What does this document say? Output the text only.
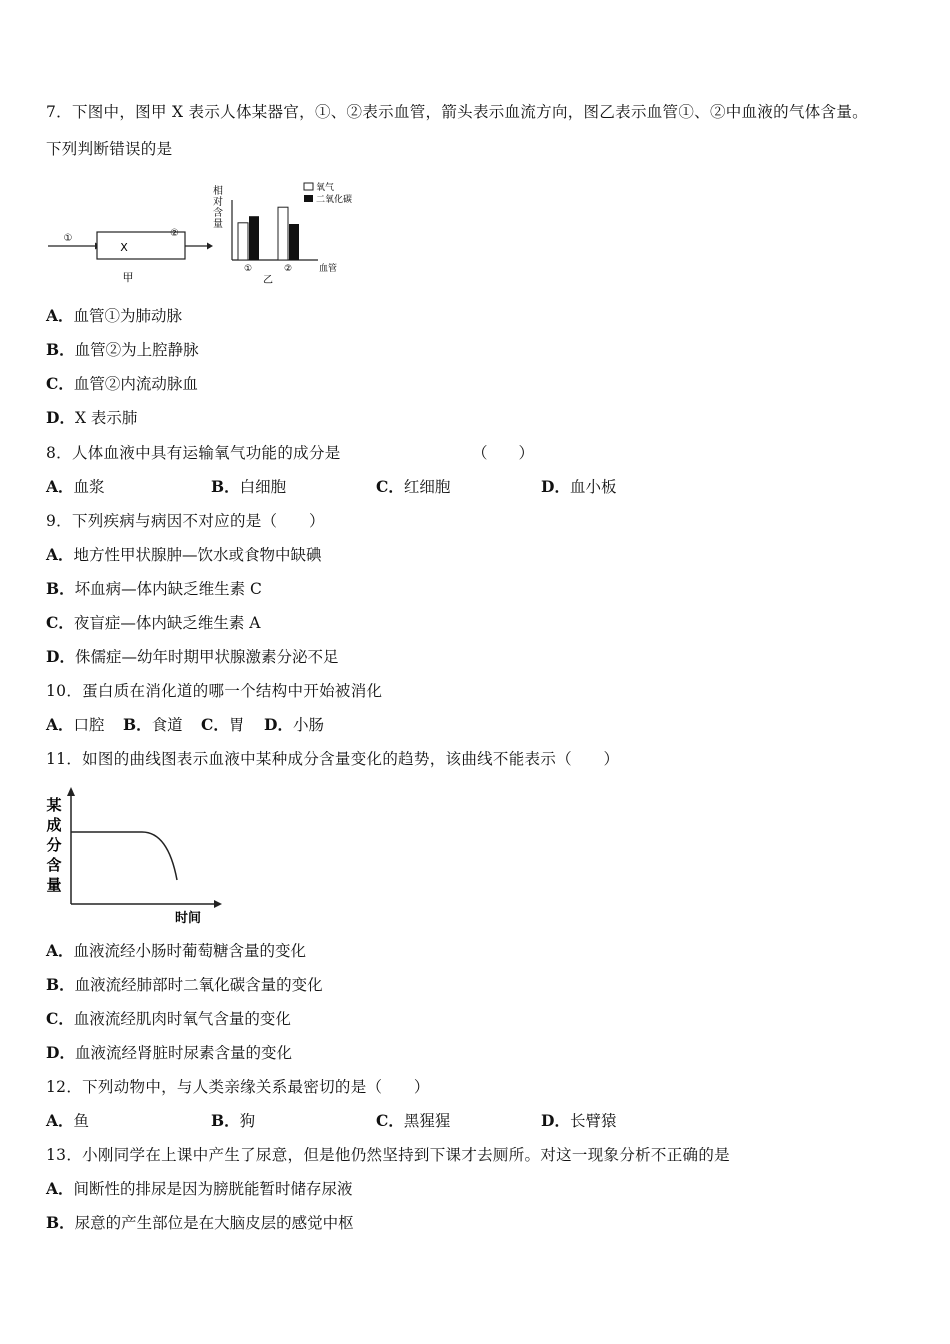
7．下图中，图甲 X 表示人体某器官，①、②表示血管，箭头表示血流方向，图乙表示血管①、②中血液的气体含量。
下列判断错误的是
①
X
甲
②
相
对
含
量
氧气
二氧化碳
①	②	血管
乙
A．血管①为肺动脉
B．血管②为上腔静脉
C．血管②内流动脉血
D．X 表示肺
8．人体血液中具有运输氧气功能的成分是	（　　）
A．血浆	B．白细胞	C．红细胞	D．血小板
9．下列疾病与病因不对应的是（　　）
A．地方性甲状腺肿—饮水或食物中缺碘
B．坏血病—体内缺乏维生素 C
C．夜盲症—体内缺乏维生素 A
D．侏儒症—幼年时期甲状腺激素分泌不足
10．蛋白质在消化道的哪一个结构中开始被消化
A．口腔 B．食道 C．胃 D．小肠
11．如图的曲线图表示血液中某种成分含量变化的趋势，该曲线不能表示（　　）
某
成
分
含
量
时间
A．血液流经小肠时葡萄糖含量的变化
B．血液流经肺部时二氧化碳含量的变化
C．血液流经肌肉时氧气含量的变化
D．血液流经肾脏时尿素含量的变化
12．下列动物中，与人类亲缘关系最密切的是（　　）
A．鱼	B．狗	C．黑猩猩	D．长臂猿
13．小刚同学在上课中产生了尿意，但是他仍然坚持到下课才去厕所。对这一现象分析不正确的是
A．间断性的排尿是因为膀胱能暂时储存尿液
B．尿意的产生部位是在大脑皮层的感觉中枢
